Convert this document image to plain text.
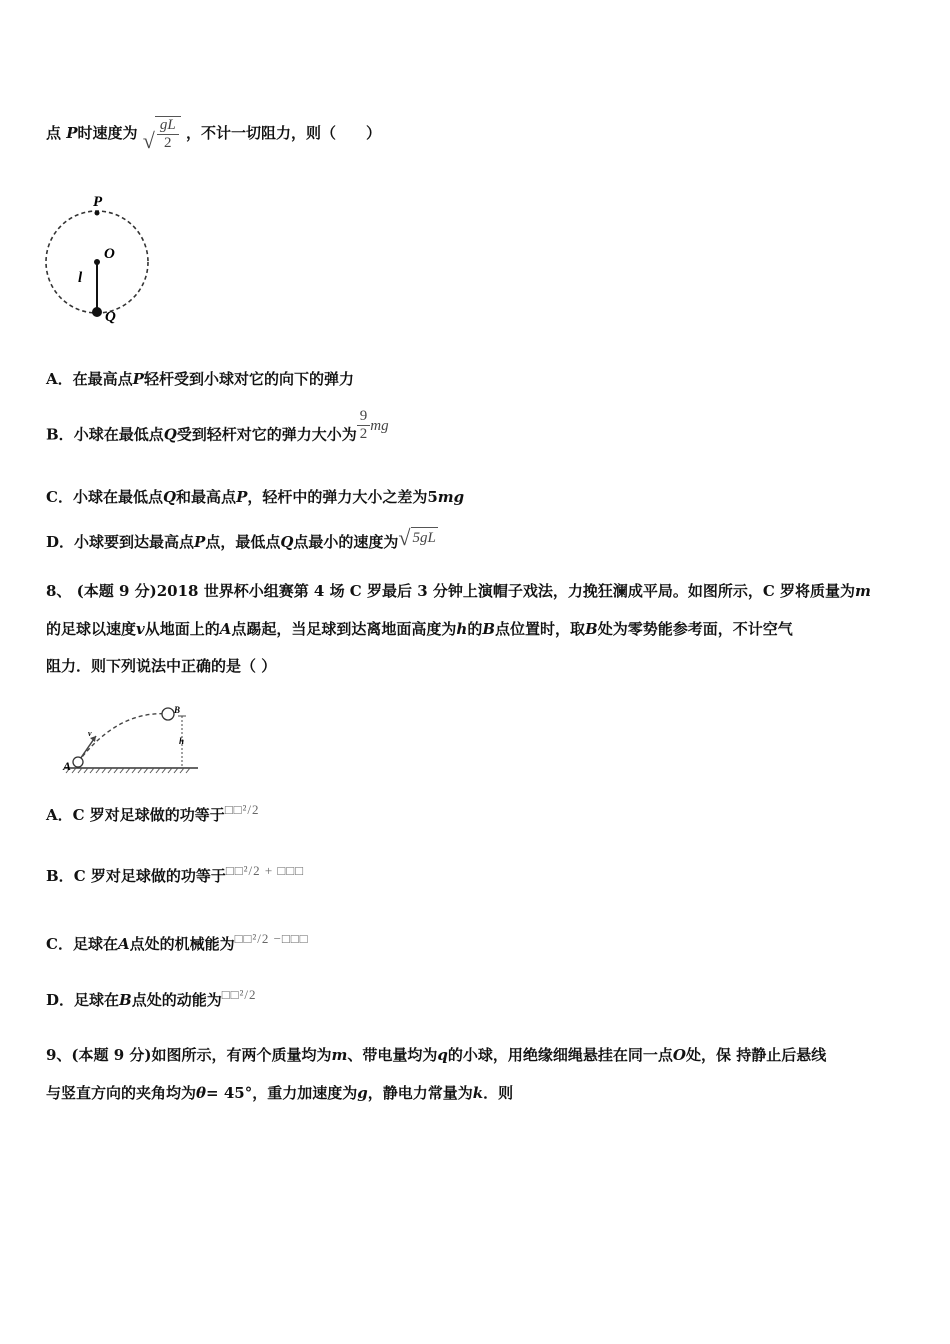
点 P时速度为 √ $\frac{gL}{2}$ ，不计一切阻力，则（　　）
P
O
l
Q
A．在最高点P轻杆受到小球对它的向下的弹力
B．小球在最低点Q受到轻杆对它的弹力大小为 $\frac{9}{2}$ mg
C．小球在最低点Q和最高点P，轻杆中的弹力大小之差为5mg
D．小球要到达最高点P点，最低点Q点最小的速度为 √ 5gL
8、 (本题 9 分)2018 世界杯小组赛第 4 场 C 罗最后 3 分钟上演帽子戏法，力挽狂澜成平局。如图所示，C 罗将质量为m
的足球以速度v从地面上的A点踢起，当足球到达离地面高度为h的B点位置时，取B处为零势能参考面，不计空气
阻力．则下列说法中正确的是（ ）
A
B
h
v
A．C 罗对足球做的功等于□□²/2
B．C 罗对足球做的功等于□□²/2 + □□□
C．足球在A点处的机械能为□□²/2 −□□□
D．足球在B点处的动能为□□²/2
9、(本题 9 分)如图所示，有两个质量均为m、带电量均为q的小球，用绝缘细绳悬挂在同一点O处，保 持静止后悬线
与竖直方向的夹角均为θ= 45°，重力加速度为g，静电力常量为k．则
